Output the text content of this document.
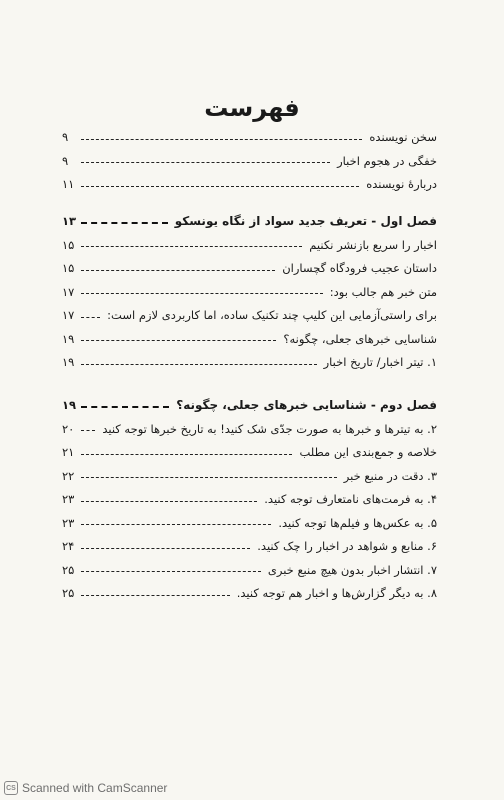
فهرست
سخن نویسنده
۹
خفگی در هجوم اخبار
۹
دربارهٔ نویسنده
۱۱
فصل اول - تعریف جدید سواد از نگاه یونسکو
۱۳
اخبار را سریع بازنشر نکنیم
۱۵
داستان عجیب فرودگاه گچساران
۱۵
متن خبر هم جالب بود:
۱۷
برای راستی‌آزمایی این کلیپ چند تکنیک ساده، اما کاربردی لازم است:
۱۷
شناسایی خبرهای جعلی، چگونه؟
۱۹
۱. تیتر اخبار/ تاریخ اخبار
۱۹
فصل دوم - شناسایی خبرهای جعلی، چگونه؟
۱۹
۲. به تیترها و خبرها به صورت جدّی شک کنید! به تاریخ خبرها توجه کنید
۲۰
خلاصه و جمع‌بندی این مطلب
۲۱
۳. دقت در منبع خبر
۲۲
۴. به فرمت‌های نامتعارف توجه کنید.
۲۳
۵. به عکس‌ها و فیلم‌ها توجه کنید.
۲۳
۶. منابع و شواهد در اخبار را چک کنید.
۲۴
۷. انتشار اخبار بدون هیچ منبع خبری
۲۵
۸. به دیگر گزارش‌ها و اخبار هم توجه کنید.
۲۵
CS Scanned with CamScanner
